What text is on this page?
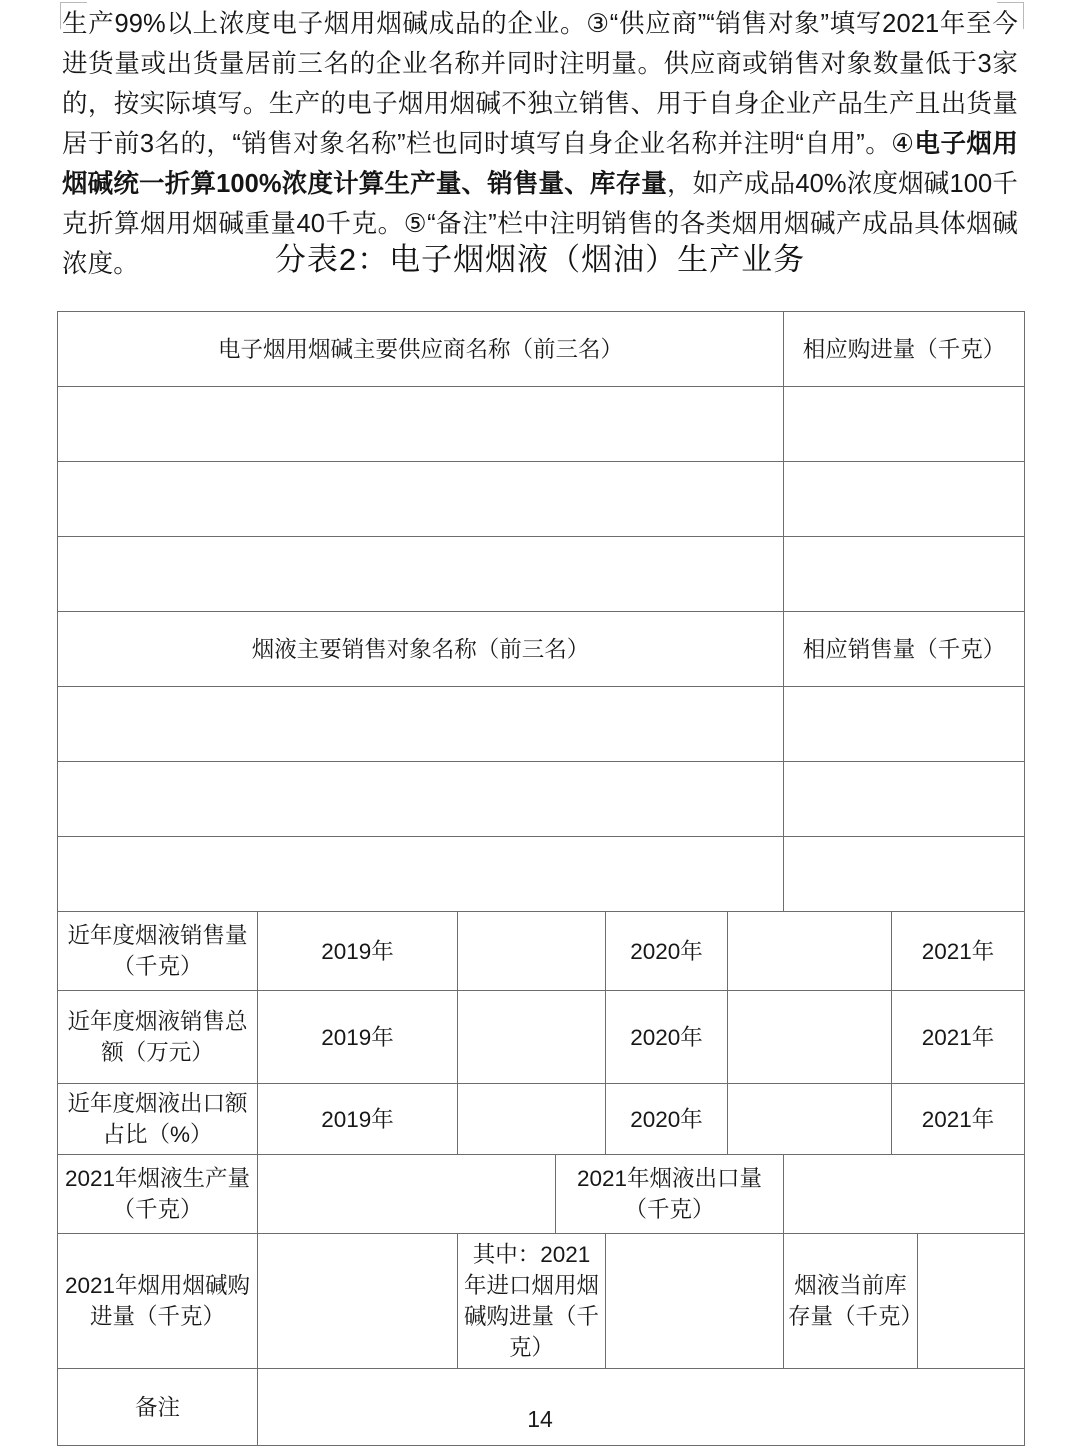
生产99%以上浓度电子烟用烟碱成品的企业。③“供应商”“销售对象”填写2021年至今进货量或出货量居前三名的企业名称并同时注明量。供应商或销售对象数量低于3家的，按实际填写。生产的电子烟用烟碱不独立销售、用于自身企业产品生产且出货量居于前3名的，“销售对象名称”栏也同时填写自身企业名称并注明“自用”。④电子烟用烟碱统一折算100%浓度计算生产量、销售量、库存量，如产成品40%浓度烟碱100千克折算烟用烟碱重量40千克。⑤“备注”栏中注明销售的各类烟用烟碱产成品具体烟碱浓度。	分表2：电子烟烟液（烟油）生产业务
电子烟用烟碱主要供应商名称（前三名）						相应购进量（千克）			

烟液主要销售对象名称（前三名）						相应销售量（千克）			

近年度烟液销售量（千克）	2019年			2020年			2021年		
近年度烟液销售总额（万元）	2019年			2020年			2021年		
近年度烟液出口额占比（%）	2019年			2020年			2021年		
2021年烟液生产量（千克）			2021年烟液出口量（千克）						
2021年烟用烟碱购进量（千克）		其中：2021年进口烟用烟碱购进量（千克）				烟液当前库存量（千克）			
备注										14
